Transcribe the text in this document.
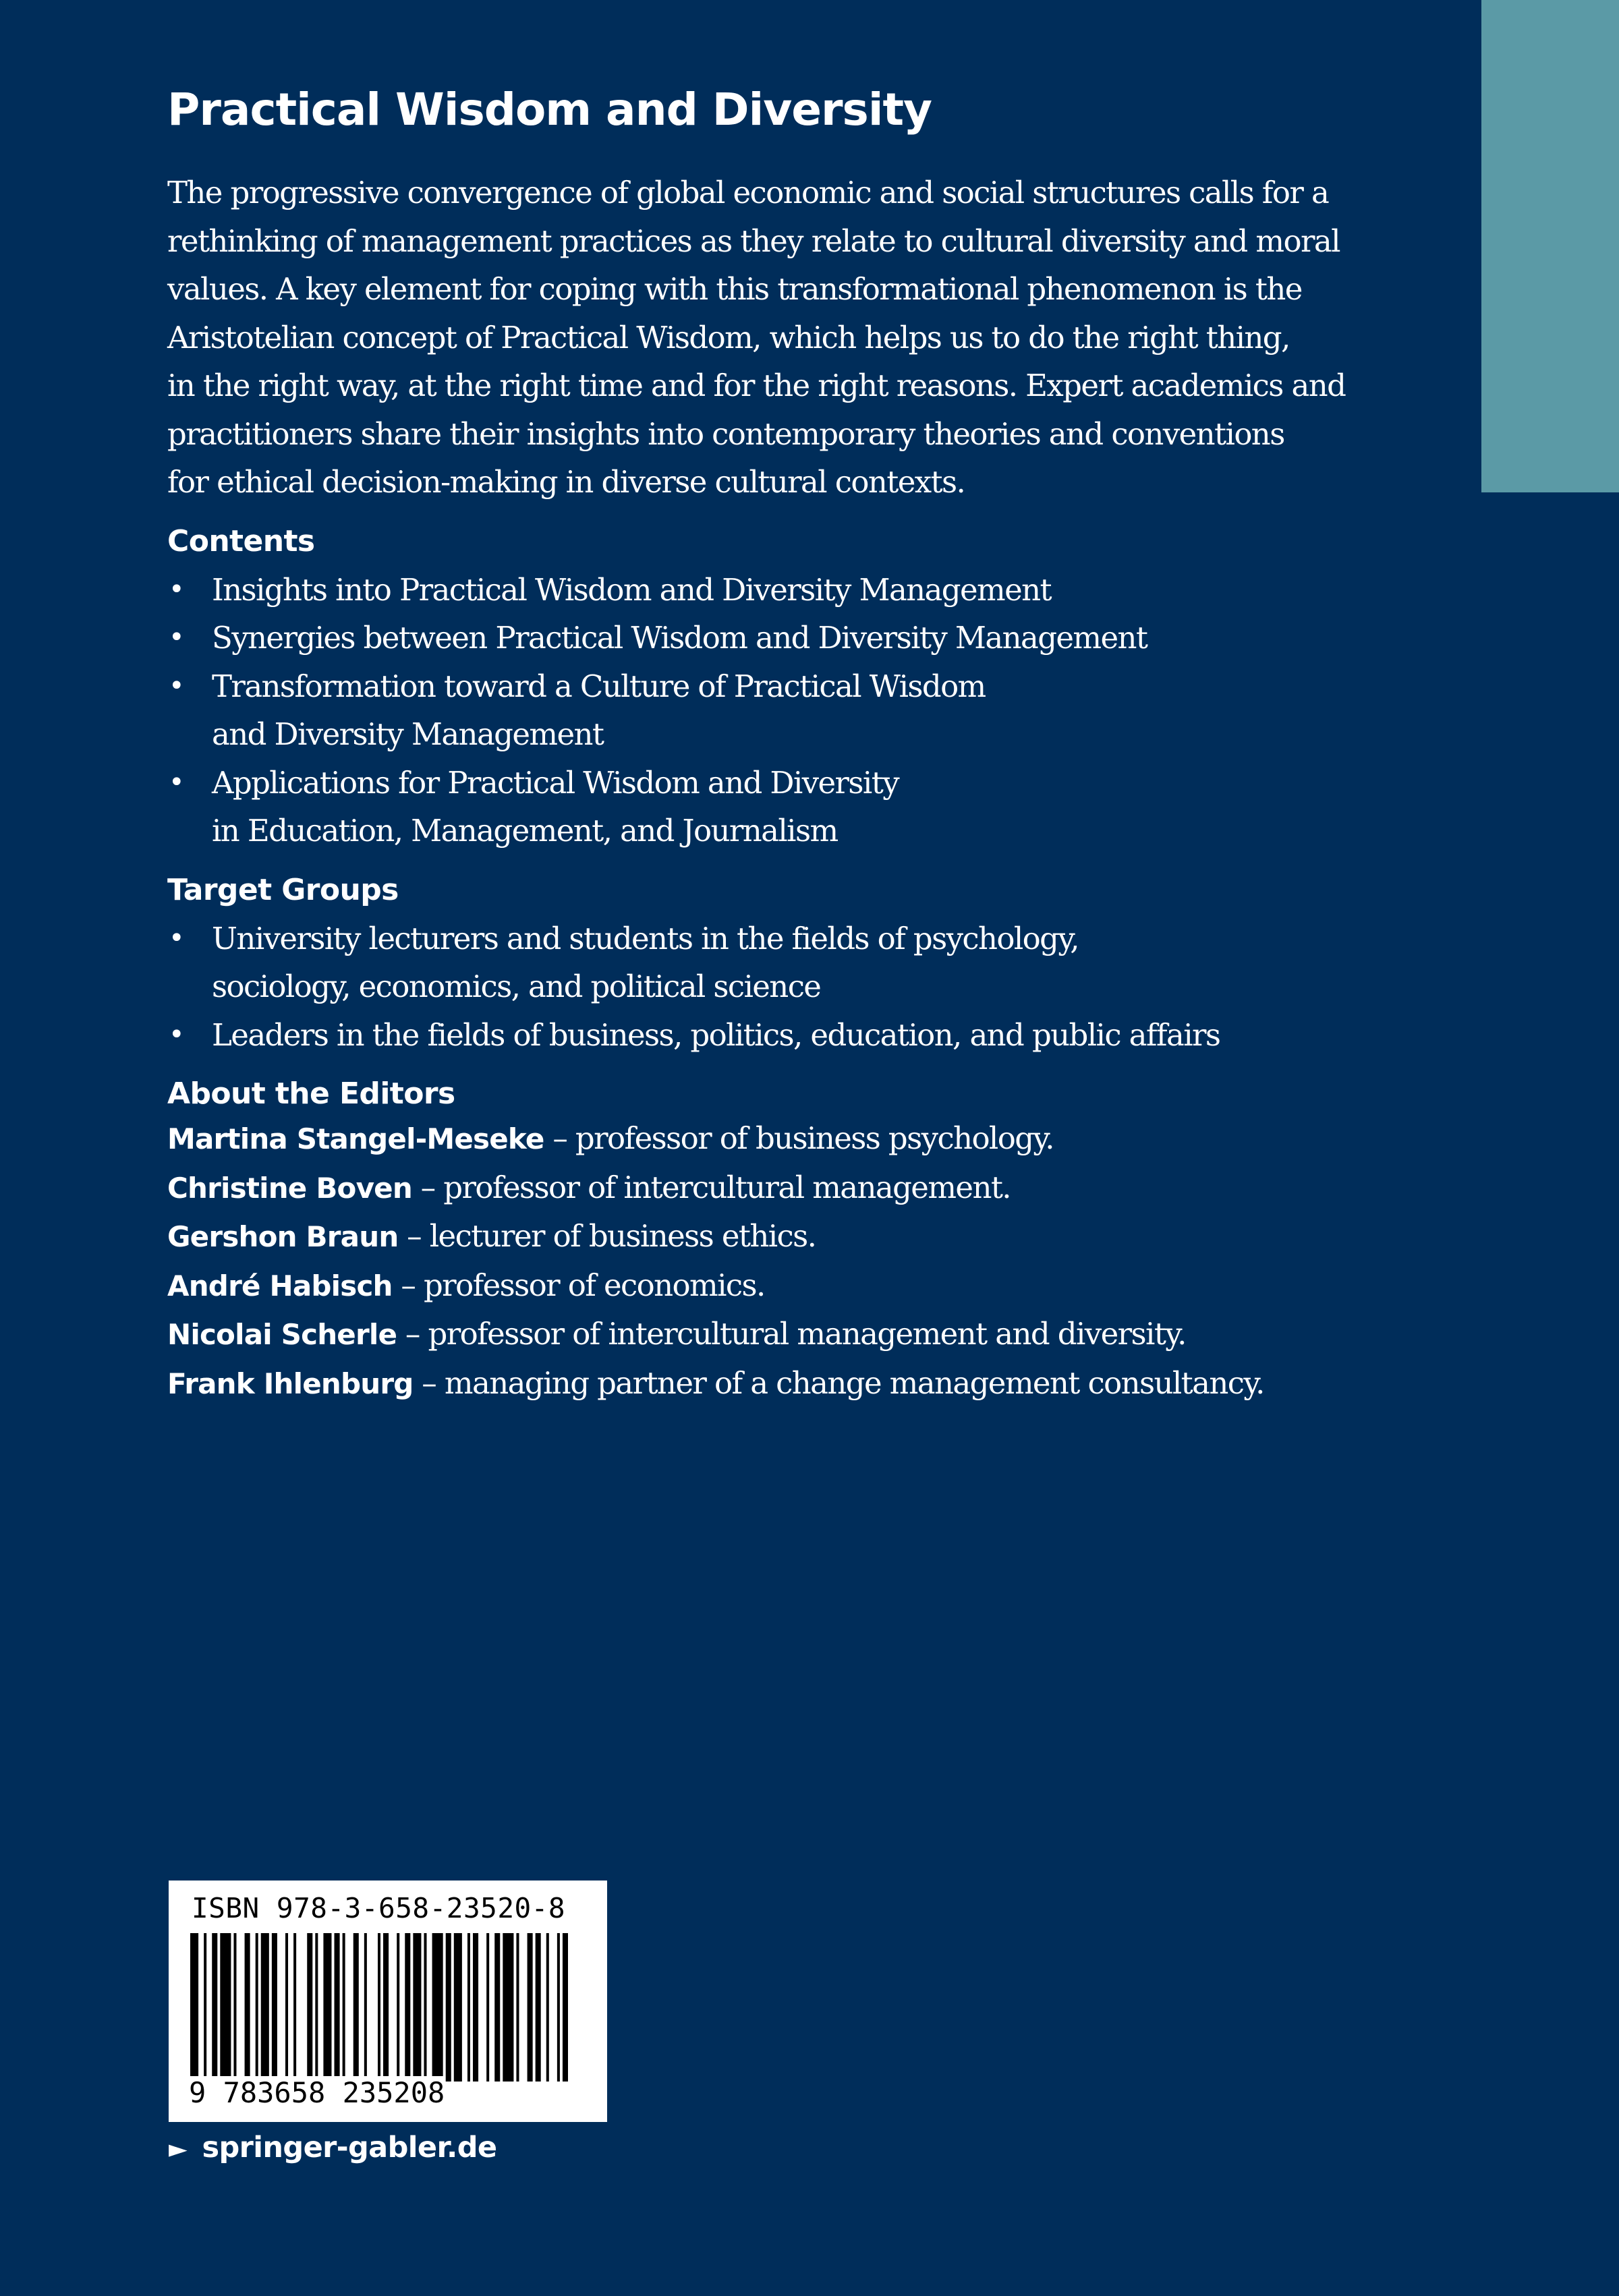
Practical Wisdom and Diversity

The progressive convergence of global economic and social structures calls for a
rethinking of management practices as they relate to cultural diversity and moral
values. A key element for coping with this transformational phenomenon is the
Aristotelian concept of Practical Wisdom, which helps us to do the right thing,
in the right way, at the right time and for the right reasons. Expert academics and
practitioners share their insights into contemporary theories and conventions
for ethical decision-making in diverse cultural contexts.

Contents
• Insights into Practical Wisdom and Diversity Management
• Synergies between Practical Wisdom and Diversity Management
• Transformation toward a Culture of Practical Wisdom
and Diversity Management
• Applications for Practical Wisdom and Diversity
in Education, Management, and Journalism
Target Groups
• University lecturers and students in the fields of psychology,
sociology, economics, and political science
• Leaders in the fields of business, politics, education, and public affairs
About the Editors
Martina Stangel-Meseke – professor of business psychology.
Christine Boven – professor of intercultural management.
Gershon Braun – lecturer of business ethics.
André Habisch – professor of economics.
Nicolai Scherle – professor of intercultural management and diversity.
Frank Ihlenburg – managing partner of a change management consultancy.
ISBN 978-3-658-23520-8
9 783658 235208
► springer-gabler.de
